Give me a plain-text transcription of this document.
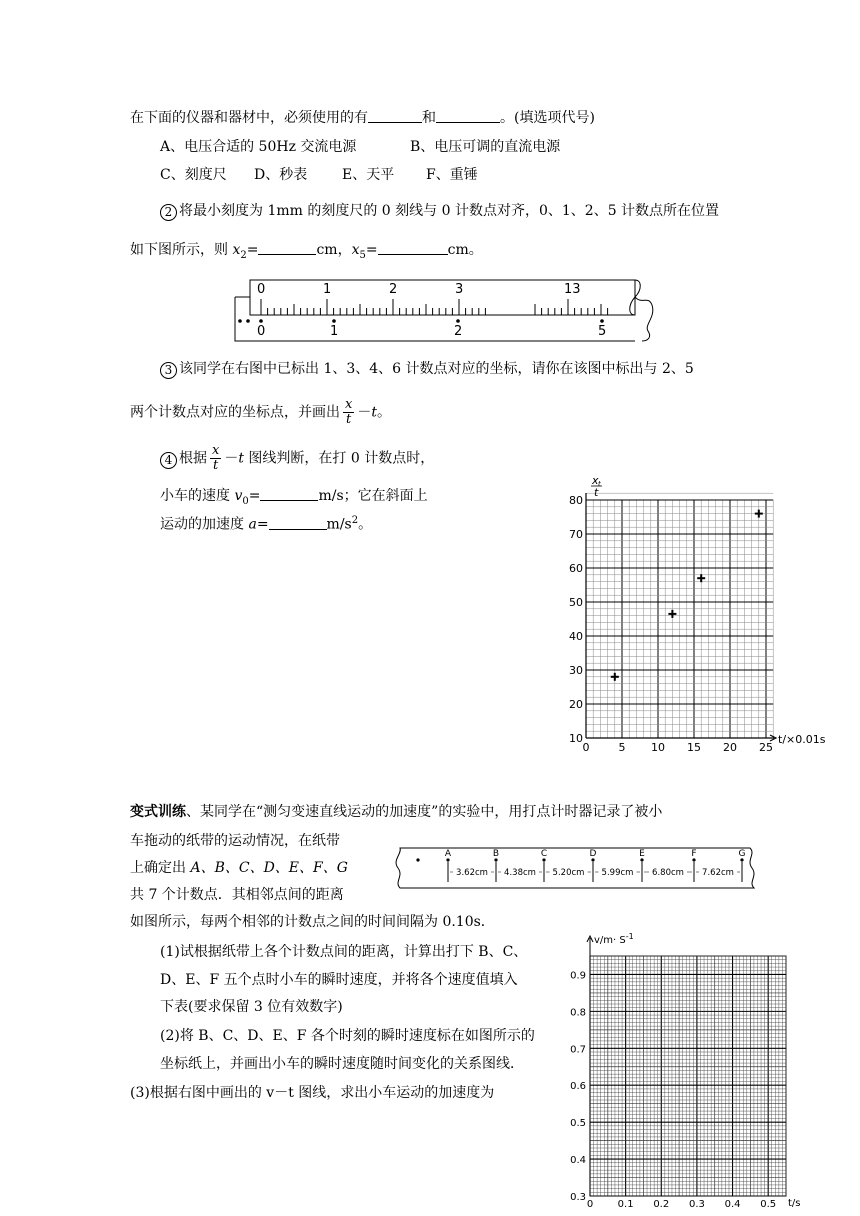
在下面的仪器和器材中，必须使用的有	和	。(填选项代号)
A、电压合适的 50Hz 交流电源	B、电压可调的直流电源
C、刻度尺 D、秒表 E、天平 F、重锤
2 将最小刻度为 1mm 的刻度尺的 0 刻线与 0 计数点对齐，0、1、2、5 计数点所在位置
如下图所示，则 $x_2=$	cm，$x_5=$	cm。
0	1	2	3	13
0	1	2	5
3 该同学在右图中已标出 1、3、4、6 计数点对应的坐标，请你在该图中标出与 2、5
两个计数点对应的坐标点，并画出 $\frac{x}{t} -t$。
4 根据 $\frac{x}{t} -t$ 图线判断，在打 0 计数点时，
小车的速度 $v_0=$	m/s；它在斜面上
运动的加速度 a=	$m/s^2$。
0	5 10 15 20 25
10
20
30
40
50
60
70
80
x t
t
t/×0.01s
变式训练、某同学在“测匀变速直线运动的加速度”的实验中，用打点计时器记录了被小
车拖动的纸带的运动情况，在纸带
上确定出 A、B、C、D、E、F、G
共 7 个计数点．其相邻点间的距离
如图所示，每两个相邻的计数点之间的时间间隔为 0.10s．
A	B	C	D	E	F	G
3.62cm 4.38cm 5.20cm 5.99cm 6.80cm 7.62cm
(1)试根据纸带上各个计数点间的距离，计算出打下 B、C、
D、E、F 五个点时小车的瞬时速度，并将各个速度值填入
下表(要求保留 3 位有效数字)
(2)将 B、C、D、E、F 各个时刻的瞬时速度标在如图所示的
坐标纸上，并画出小车的瞬时速度随时间变化的关系图线．
(3)根据右图中画出的 v－t 图线，求出小车运动的加速度为
0 0.1 0.2 0.3 0.4 0.5
0.3
0.4
0.5
0.6
0.7
0.8
0.9
$v/m\cdot S^{-1}$
t/s
